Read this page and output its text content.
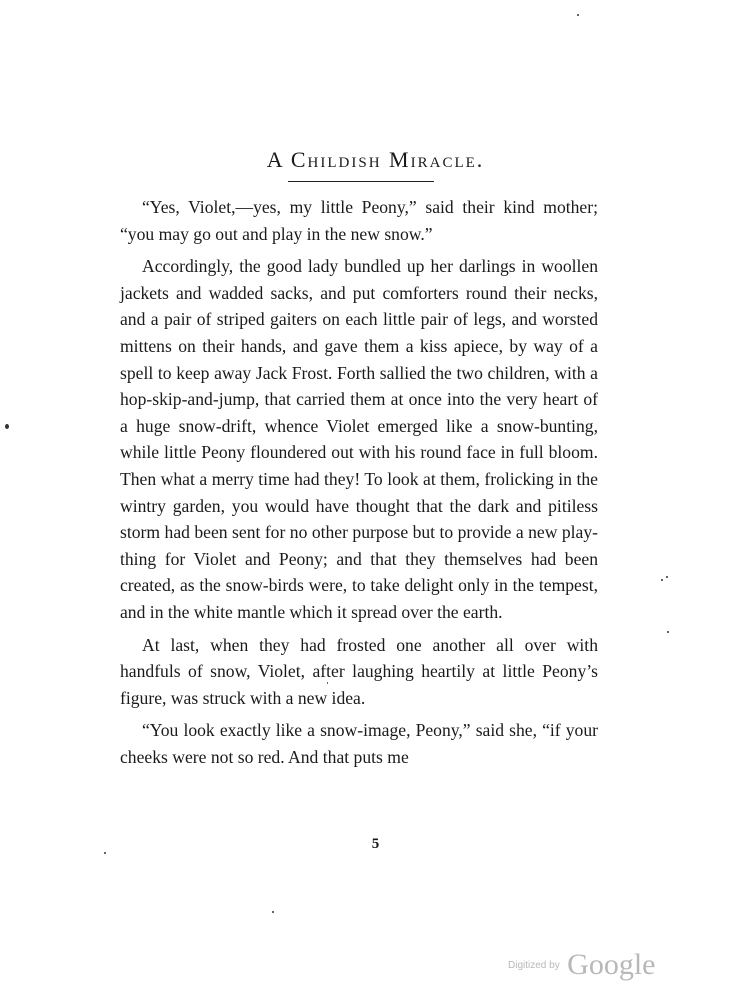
A Childish Miracle.

“Yes, Violet,—yes, my little Peony,” said their kind mother; “you may go out and play in the new snow.”

Accordingly, the good lady bundled up her darlings in woollen jackets and wadded sacks, and put comforters round their necks, and a pair of striped gaiters on each little pair of legs, and worsted mittens on their hands, and gave them a kiss apiece, by way of a spell to keep away Jack Frost. Forth sallied the two children, with a hop-skip-and-jump, that carried them at once into the very heart of a huge snow-drift, whence Violet emerged like a snow-bunting, while little Peony floundered out with his round face in full bloom. Then what a merry time had they! To look at them, frolicking in the wintry garden, you would have thought that the dark and pitiless storm had been sent for no other purpose but to provide a new play-thing for Violet and Peony; and that they themselves had been created, as the snow-birds were, to take delight only in the tempest, and in the white mantle which it spread over the earth.

At last, when they had frosted one another all over with handfuls of snow, Violet, after laughing heartily at little Peony’s figure, was struck with a new idea.

“You look exactly like a snow-image, Peony,” said she, “if your cheeks were not so red. And that puts me

5
Digitized by Google
